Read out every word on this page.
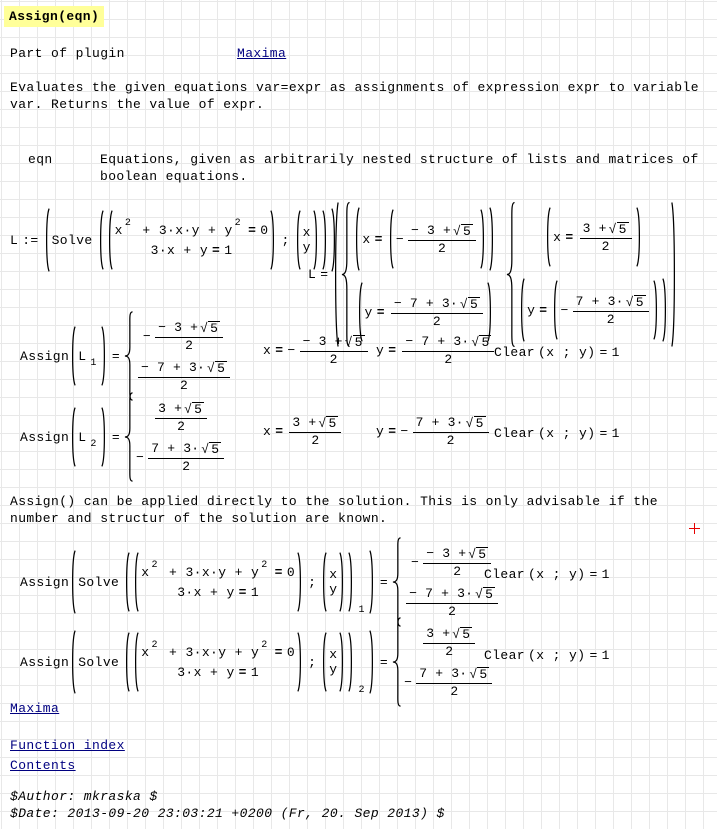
Assign(eqn)
Part of plugin	Maxima
Evaluates the given equations var=expr as assignments of expression expr to variable
var. Returns the value of expr.
eqn	Equations, given as arbitrarily nested structure of lists and matrices of
boolean equations.
L := Solve
x 2 + 3·x·y + y 2 = 0
3·x + y = 1
;
x
y
L =
x = − $\frac{- 3 + √ 5}{2}$
$y = \frac{- 7 + 3\cdot √ 5}{2}$
$x = \frac{3 + √ 5}{2}$
y = − $\frac{7 + 3\cdot √ 5}{2}$
Assign L 1 =
− $\frac{- 3 + √ 5}{2}$
$\frac{- 7 + 3\cdot √ 5}{2}$
x = − $\frac{- 3 + √ 5}{2}$ $y = \frac{- 7 + 3\cdot √ 5}{2}$ Clear (x ; y) = 1
Assign L 2 =
$\frac{3 + √ 5}{2}$
− $\frac{7 + 3\cdot √ 5}{2}$
$x = \frac{3 + √ 5}{2}$	y = − $\frac{7 + 3\cdot √ 5}{2}$ Clear (x ; y) = 1
Assign() can be applied directly to the solution. This is only advisable if the
number and structur of the solution are known.
Assign Solve
x 2 + 3·x·y + y 2 = 0
3·x + y = 1
;
x
y
1
=
− $\frac{- 3 + √ 5}{2}$
$\frac{- 7 + 3\cdot √ 5}{2}$
Clear (x ; y) = 1
Assign Solve
x 2 + 3·x·y + y 2 = 0
3·x + y = 1
;
x
y
2
=
$\frac{3 + √ 5}{2}$
− $\frac{7 + 3\cdot √ 5}{2}$
Clear (x ; y) = 1
Maxima
Function index
Contents
$Author: mkraska $
$Date: 2013-09-20 23:03:21 +0200 (Fr, 20. Sep 2013) $
